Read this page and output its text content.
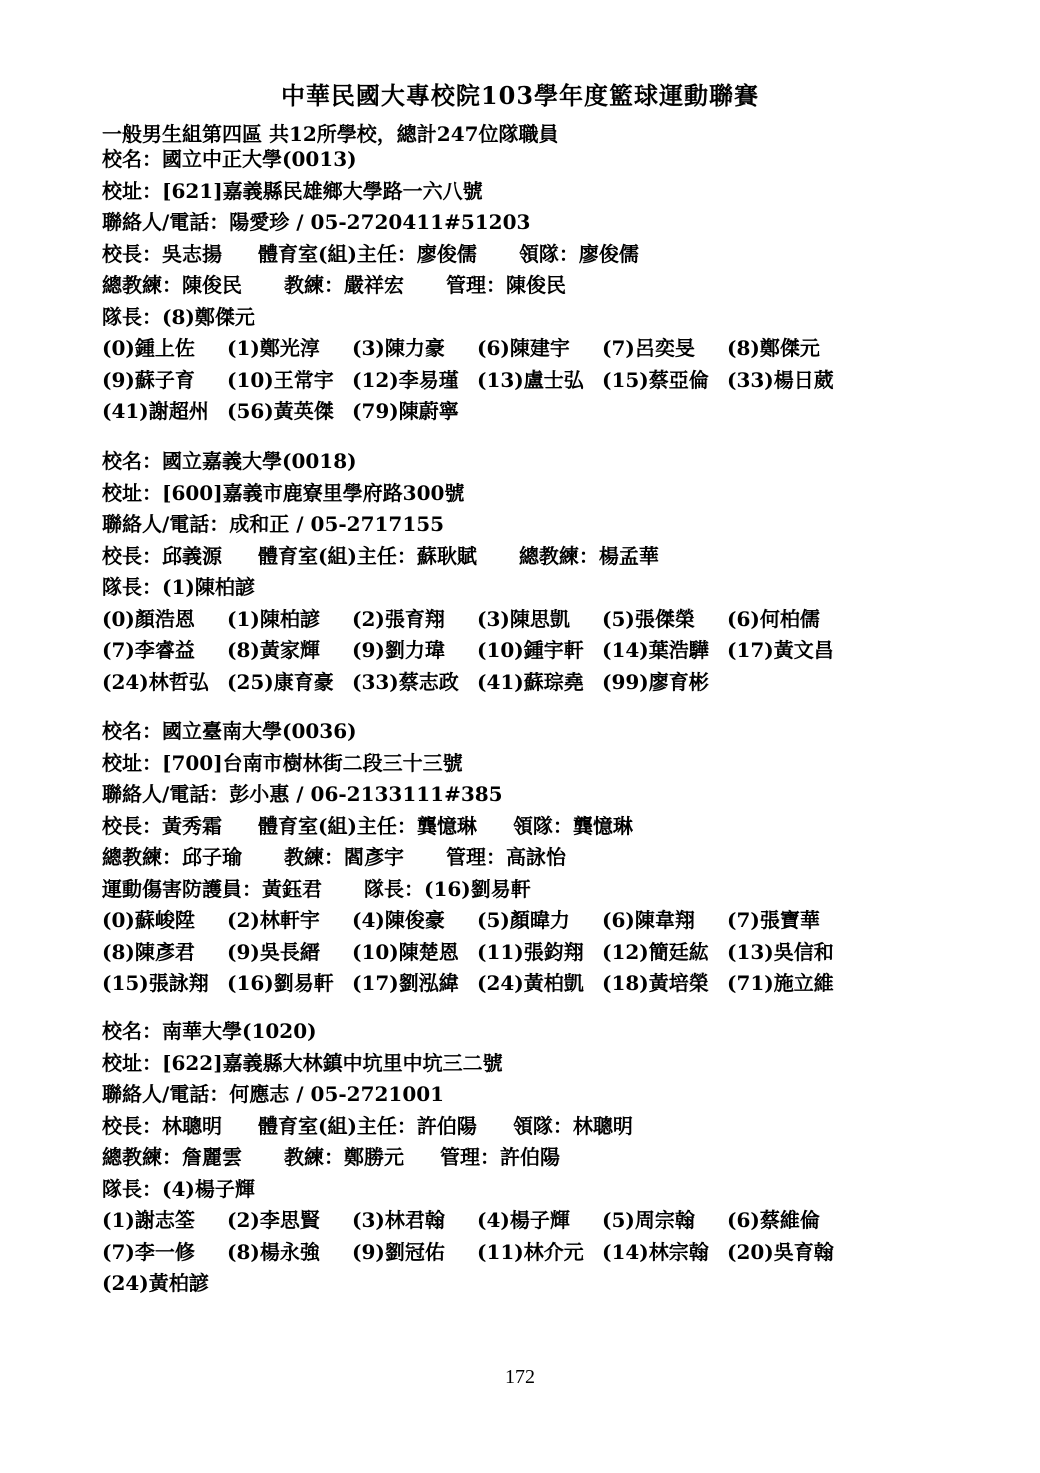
中華民國大專校院103學年度籃球運動聯賽
一般男生組第四區 共12所學校，總計247位隊職員
校名：國立中正大學(0013)
校址：[621]嘉義縣民雄鄉大學路一六八號
聯絡人/電話：陽愛珍 / 05-2720411#51203
校長：吳志揚 體育室(組)主任：廖俊儒 領隊：廖俊儒
總教練：陳俊民 教練：嚴祥宏 管理：陳俊民
隊長：(8)鄭傑元
(0)鍾上佐 (1)鄭光淳 (3)陳力豪 (6)陳建宇 (7)呂奕旻 (8)鄭傑元
(9)蘇子育 (10)王常宇 (12)李易瑾 (13)盧士弘 (15)蔡亞倫 (33)楊日葳
(41)謝超州 (56)黃英傑 (79)陳蔚寧
校名：國立嘉義大學(0018)
校址：[600]嘉義市鹿寮里學府路300號
聯絡人/電話：成和正 / 05-2717155
校長：邱義源 體育室(組)主任：蘇耿賦 總教練：楊孟華
隊長：(1)陳柏諺
(0)顏浩恩 (1)陳柏諺 (2)張育翔 (3)陳思凱 (5)張傑榮 (6)何柏儒
(7)李睿益 (8)黃家輝 (9)劉力瑋 (10)鍾宇軒 (14)葉浩驊 (17)黃文昌
(24)林哲弘 (25)康育豪 (33)蔡志政 (41)蘇琮堯 (99)廖育彬
校名：國立臺南大學(0036)
校址：[700]台南市樹林街二段三十三號
聯絡人/電話：彭小惠 / 06-2133111#385
校長：黃秀霜 體育室(組)主任：龔憶琳 領隊：龔憶琳
總教練：邱子瑜 教練：閻彥宇 管理：高詠怡
運動傷害防護員：黃鈺君 隊長：(16)劉易軒
(0)蘇峻陞 (2)林軒宇 (4)陳俊豪 (5)顏暐力 (6)陳韋翔 (7)張寶華
(8)陳彥君 (9)吳長縉 (10)陳楚恩 (11)張鈞翔 (12)簡廷紘 (13)吳信和
(15)張詠翔 (16)劉易軒 (17)劉泓緯 (24)黃柏凱 (18)黃培榮 (71)施立維
校名：南華大學(1020)
校址：[622]嘉義縣大林鎮中坑里中坑三二號
聯絡人/電話：何應志 / 05-2721001
校長：林聰明 體育室(組)主任：許伯陽 領隊：林聰明
總教練：詹麗雲 教練：鄭勝元 管理：許伯陽
隊長：(4)楊子輝
(1)謝志筌 (2)李思賢 (3)林君翰 (4)楊子輝 (5)周宗翰 (6)蔡維倫
(7)李一修 (8)楊永強 (9)劉冠佑 (11)林介元 (14)林宗翰 (20)吳育翰
(24)黃柏諺
172
